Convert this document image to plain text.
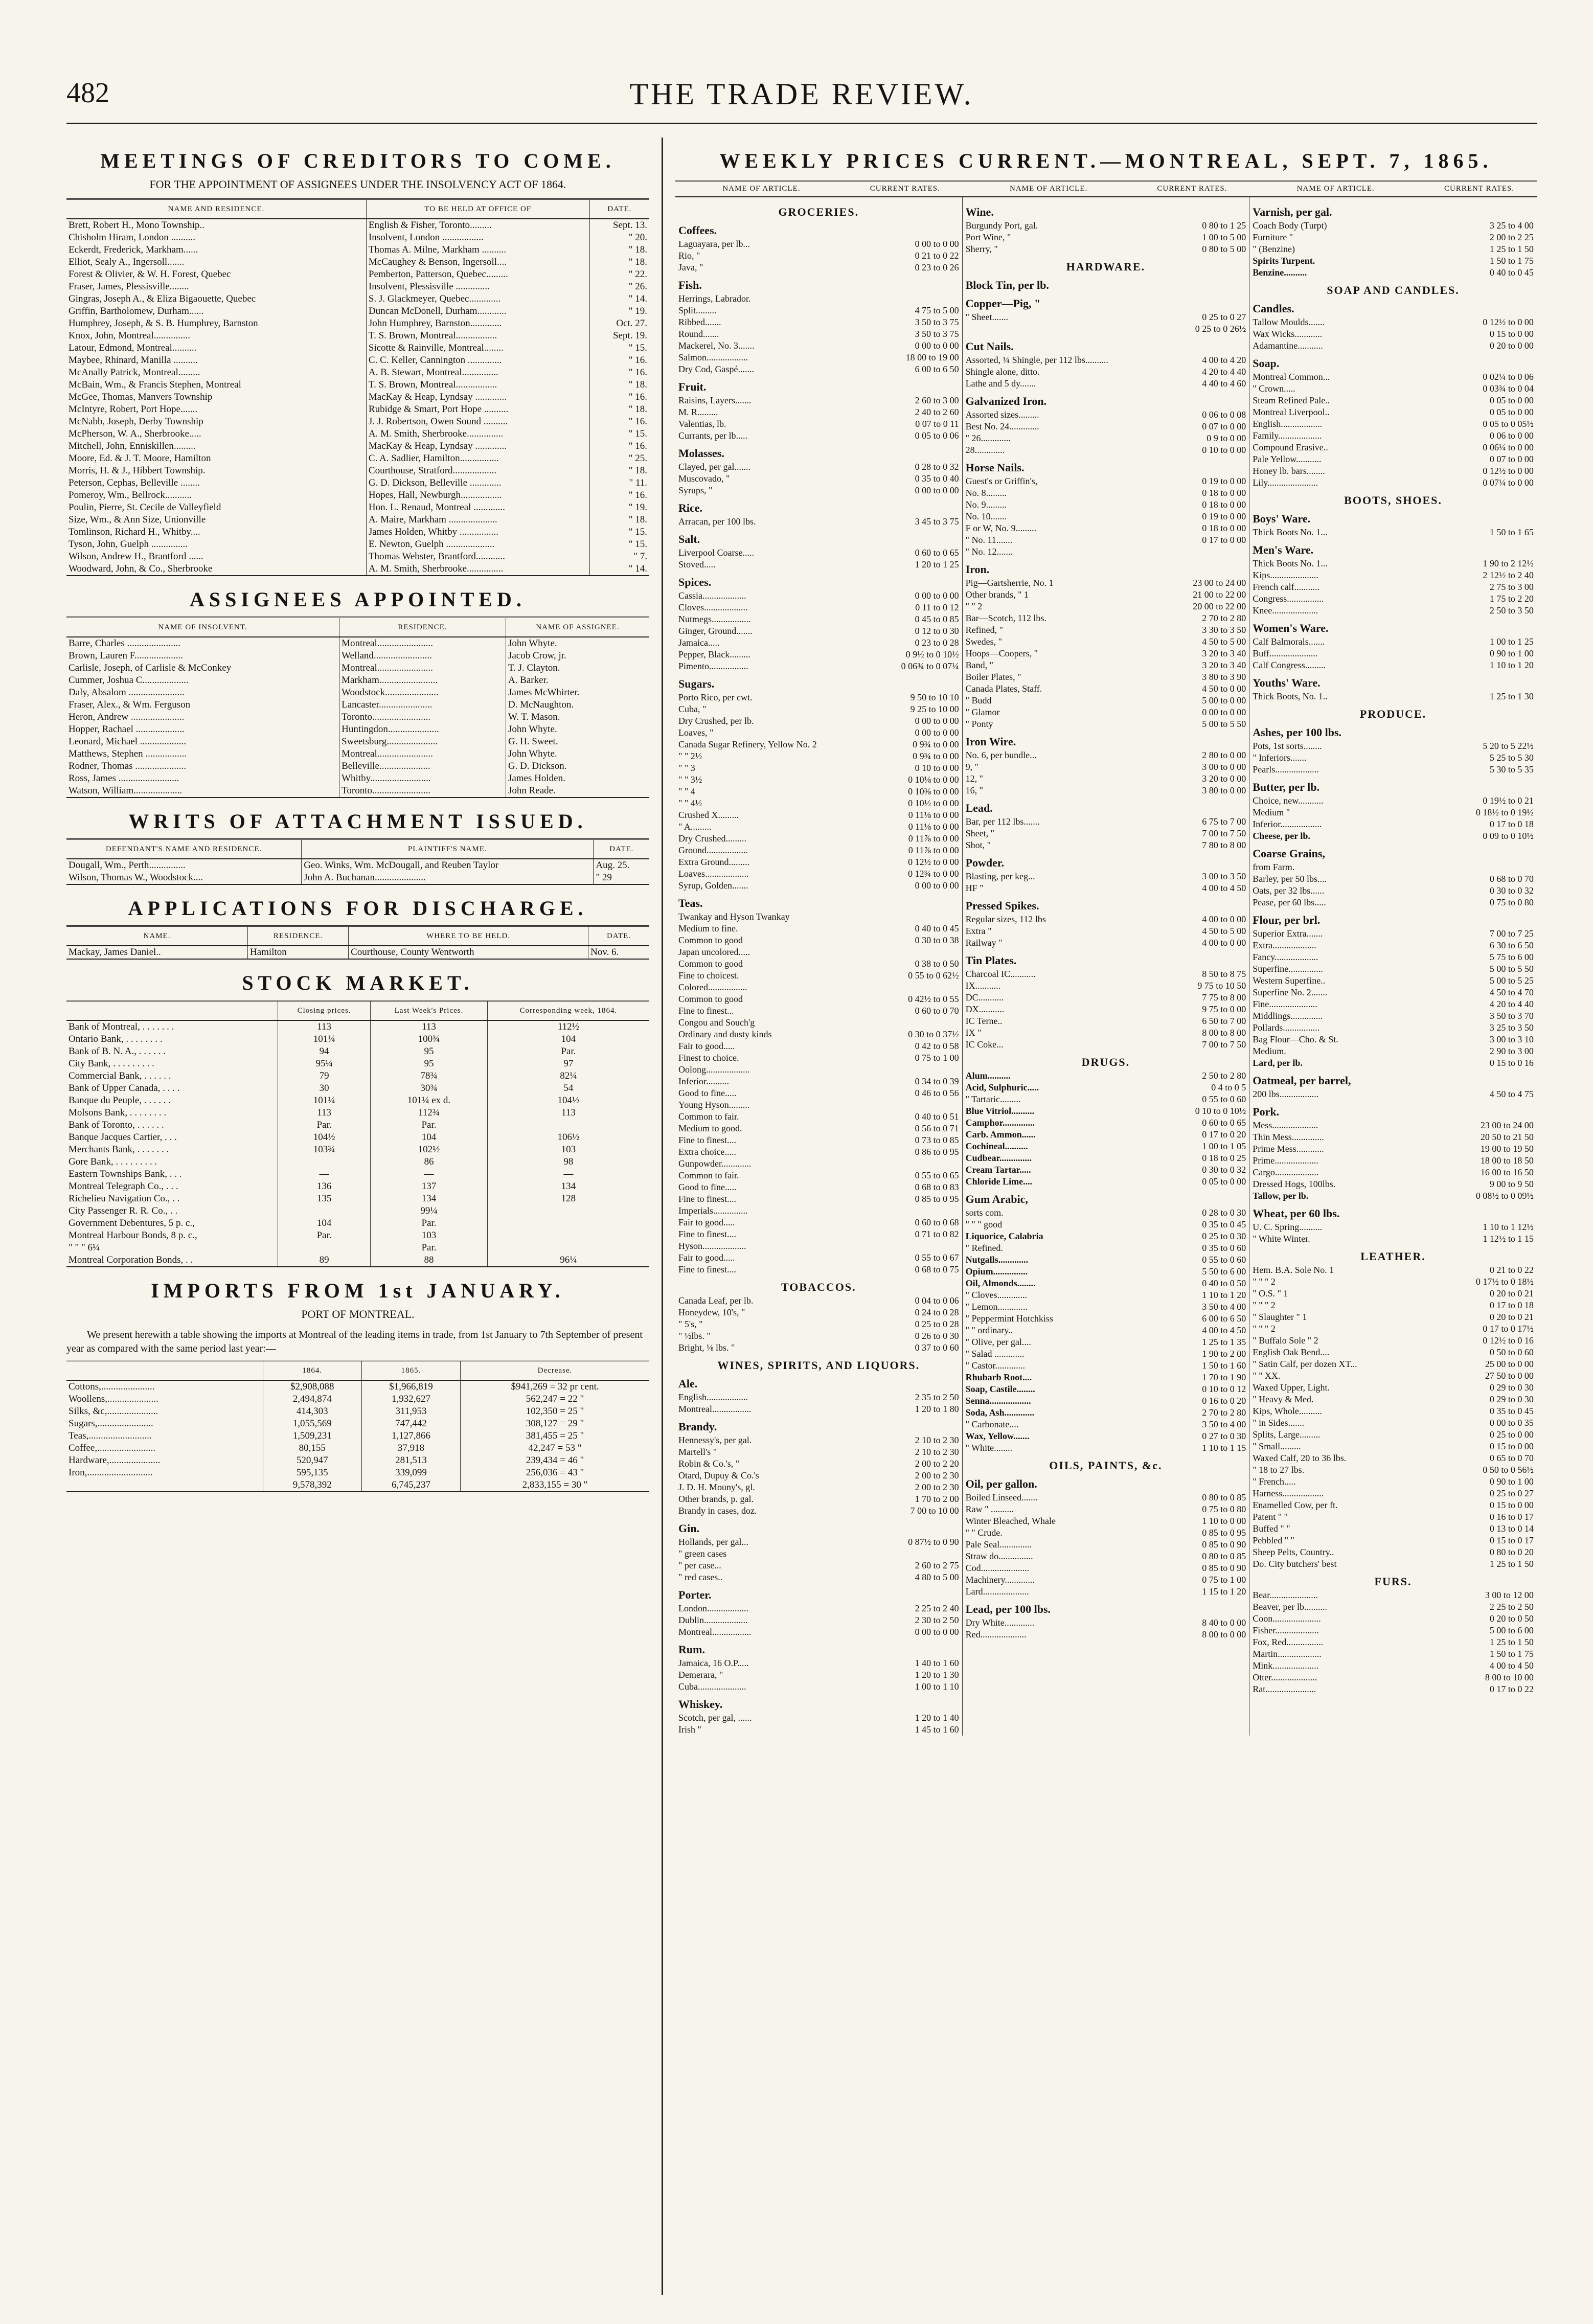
482	THE TRADE REVIEW.
MEETINGS OF CREDITORS TO COME.
FOR THE APPOINTMENT OF ASSIGNEES UNDER THE INSOLVENCY ACT OF 1864.
NAME AND RESIDENCE.	TO BE HELD AT OFFICE OF	DATE.
Brett, Robert H., Mono Township..	English & Fisher, Toronto.........	Sept. 13.
Chisholm Hiram, London ..........	Insolvent, London .................	" 20.
Eckerdt, Frederick, Markham......	Thomas A. Milne, Markham ..........	" 18.
Elliot, Sealy A., Ingersoll.......	McCaughey & Benson, Ingersoll....	" 18.
Forest & Olivier, & W. H. Forest, Quebec	Pemberton, Patterson, Quebec.........	" 22.
Fraser, James, Plessisville........	Insolvent, Plessisville ..............	" 26.
Gingras, Joseph A., & Eliza Bigaouette, Quebec	S. J. Glackmeyer, Quebec.............	" 14.
Griffin, Bartholomew, Durham......	Duncan McDonell, Durham............	" 19.
Humphrey, Joseph, & S. B. Humphrey, Barnston	John Humphrey, Barnston.............	Oct. 27.
Knox, John, Montreal...............	T. S. Brown, Montreal.................	Sept. 19.
Latour, Edmond, Montreal..........	Sicotte & Rainville, Montreal........	" 15.
Maybee, Rhinard, Manilla ..........	C. C. Keller, Cannington ..............	" 16.
McAnally Patrick, Montreal.........	A. B. Stewart, Montreal...............	" 16.
McBain, Wm., & Francis Stephen, Montreal	T. S. Brown, Montreal.................	" 18.
McGee, Thomas, Manvers Township	MacKay & Heap, Lyndsay .............	" 16.
McIntyre, Robert, Port Hope.......	Rubidge & Smart, Port Hope ..........	" 18.
McNabb, Joseph, Derby Township	J. J. Robertson, Owen Sound ..........	" 16.
McPherson, W. A., Sherbrooke.....	A. M. Smith, Sherbrooke...............	" 15.
Mitchell, John, Enniskillen.........	MacKay & Heap, Lyndsay .............	" 16.
Moore, Ed. & J. T. Moore, Hamilton	C. A. Sadlier, Hamilton................	" 25.
Morris, H. & J., Hibbert Township.	Courthouse, Stratford..................	" 18.
Peterson, Cephas, Belleville ........	G. D. Dickson, Belleville .............	" 11.
Pomeroy, Wm., Bellrock...........	Hopes, Hall, Newburgh.................	" 16.
Poulin, Pierre, St. Cecile de Valleyfield	Hon. L. Renaud, Montreal .............	" 19.
Size, Wm., & Ann Size, Unionville	A. Maire, Markham ....................	" 18.
Tomlinson, Richard H., Whitby....	James Holden, Whitby ................	" 15.
Tyson, John, Guelph ...............	E. Newton, Guelph ....................	" 15.
Wilson, Andrew H., Brantford ......	Thomas Webster, Brantford............	" 7.
Woodward, John, & Co., Sherbrooke	A. M. Smith, Sherbrooke...............	" 14.
ASSIGNEES APPOINTED.
NAME OF INSOLVENT.	RESIDENCE.	NAME OF ASSIGNEE.
Barre, Charles ......................	Montreal.......................	John Whyte.
Brown, Lauren F....................	Welland........................	Jacob Crow, jr.
Carlisle, Joseph, of Carlisle & McConkey	Montreal.......................	T. J. Clayton.
Cummer, Joshua C...................	Markham........................	A. Barker.
Daly, Absalom .......................	Woodstock......................	James McWhirter.
Fraser, Alex., & Wm. Ferguson	Lancaster......................	D. McNaughton.
Heron, Andrew ......................	Toronto........................	W. T. Mason.
Hopper, Rachael ....................	Huntingdon.....................	John Whyte.
Leonard, Michael ...................	Sweetsburg.....................	G. H. Sweet.
Matthews, Stephen .................	Montreal.......................	John Whyte.
Rodner, Thomas .....................	Belleville.....................	G. D. Dickson.
Ross, James .........................	Whitby.........................	James Holden.
Watson, William....................	Toronto........................	John Reade.
WRITS OF ATTACHMENT ISSUED.
DEFENDANT'S NAME AND RESIDENCE.	PLAINTIFF'S NAME.	DATE.
Dougall, Wm., Perth...............	Geo. Winks, Wm. McDougall, and Reuben Taylor	Aug. 25.
Wilson, Thomas W., Woodstock....	John A. Buchanan.....................	" 29
APPLICATIONS FOR DISCHARGE.
NAME.	RESIDENCE.	WHERE TO BE HELD.	DATE.
Mackay, James Daniel..	Hamilton	Courthouse, County Wentworth	Nov. 6.
STOCK MARKET.
	Closing prices.	Last Week's Prices.	Corresponding week, 1864.
Bank of Montreal, . . . . . . .	113	113	112½
Ontario Bank, . . . . . . . .	101¼	100¾	104
Bank of B. N. A., . . . . . .	94	95	Par.
City Bank, . . . . . . . . .	95¼	95	97
Commercial Bank, . . . . . .	79	78¾	82¼
Bank of Upper Canada, . . . .	30	30¾	54
Banque du Peuple, . . . . . .	101¼	101¼ ex d.	104½
Molsons Bank, . . . . . . . .	113	112¾	113
Bank of Toronto, . . . . . .	Par.	Par.	
Banque Jacques Cartier, . . .	104½	104	106½
Merchants Bank, . . . . . . .	103¾	102½	103
Gore Bank, . . . . . . . . .		86	98
Eastern Townships Bank, . . .	—	—	—
Montreal Telegraph Co., . . .	136	137	134
Richelieu Navigation Co., . .	135	134	128
City Passenger R. R. Co., . .		99¼	
Government Debentures, 5 p. c.,	104	Par.	
Montreal Harbour Bonds, 8 p. c.,	Par.	103	
" " " 6¼		Par.	
Montreal Corporation Bonds, . .	89	88	96¼
IMPORTS FROM 1st JANUARY.
PORT OF MONTREAL.

We present herewith a table showing the imports at Montreal of the leading items in trade, from 1st January to 7th September of present year as compared with the same period last year:—

	1864.	1865.	Decrease.
Cottons,......................	$2,908,088	$1,966,819	$941,269 = 32 pr cent.
Woollens,.....................	2,494,874	1,932,627	562,247 = 22 "
Silks, &c,.....................	414,303	311,953	102,350 = 25 "
Sugars,.......................	1,055,569	747,442	308,127 = 29 "
Teas,..........................	1,509,231	1,127,866	381,455 = 25 "
Coffee,........................	80,155	37,918	42,247 = 53 "
Hardware,.....................	520,947	281,513	239,434 = 46 "
Iron,...........................	595,135	339,099	256,036 = 43 "
	9,578,392	6,745,237	2,833,155 = 30 "
WEEKLY PRICES CURRENT.—MONTREAL, SEPT. 7, 1865.
NAME OF ARTICLE.	CURRENT RATES.	NAME OF ARTICLE.	CURRENT RATES.	NAME OF ARTICLE.	CURRENT RATES.
GROCERIES.
Coffees.
Laguayara, per lb...	0 00 to 0 00
Rio, "	0 21 to 0 22
Java, "	0 23 to 0 26
Fish.
Herrings, Labrador.
Split.........	4 75 to 5 00
Ribbed.......	3 50 to 3 75
Round.......	3 50 to 3 75
Mackerel, No. 3.......	0 00 to 0 00
Salmon..................	18 00 to 19 00
Dry Cod, Gaspé.......	6 00 to 6 50
Fruit.
Raisins, Layers.......	2 60 to 3 00
M. R.........	2 40 to 2 60
Valentias, lb.	0 07 to 0 11
Currants, per lb.....	0 05 to 0 06
Molasses.
Clayed, per gal.......	0 28 to 0 32
Muscovado, "	0 35 to 0 40
Syrups, "	0 00 to 0 00
Rice.
Arracan, per 100 lbs.	3 45 to 3 75
Salt.
Liverpool Coarse.....	0 60 to 0 65
Stoved.....	1 20 to 1 25
Spices.
Cassia...................	0 00 to 0 00
Cloves...................	0 11 to 0 12
Nutmegs.................	0 45 to 0 85
Ginger, Ground.......	0 12 to 0 30
Jamaica.....	0 23 to 0 28
Pepper, Black.........	0 9½ to 0 10½
Pimento.................	0 06¾ to 0 07¼
Sugars.
Porto Rico, per cwt.	9 50 to 10 10
Cuba, "	9 25 to 10 00
Dry Crushed, per lb.	0 00 to 0 00
Loaves, "	0 00 to 0 00
Canada Sugar Refinery, Yellow No. 2	0 9¾ to 0 00
" " 2½	0 9¾ to 0 00
" " 3	0 10 to 0 00
" " 3½	0 10⅛ to 0 00
" " 4	0 10⅜ to 0 00
" " 4½	0 10½ to 0 00
Crushed X.........	0 11⅛ to 0 00
" A.........	0 11⅛ to 0 00
Dry Crushed.........	0 11⅞ to 0 00
Ground..................	0 11⅞ to 0 00
Extra Ground.........	0 12½ to 0 00
Loaves...................	0 12¾ to 0 00
Syrup, Golden.......	0 00 to 0 00
Teas.
Twankay and Hyson Twankay
Medium to fine.	0 40 to 0 45
Common to good	0 30 to 0 38
Japan uncolored.....
Common to good	0 38 to 0 50
Fine to choicest.	0 55 to 0 62½
Colored.................
Common to good	0 42½ to 0 55
Fine to finest...	0 60 to 0 70
Congou and Souch'g
Ordinary and dusty kinds	0 30 to 0 37½
Fair to good.....	0 42 to 0 58
Finest to choice.	0 75 to 1 00
Oolong...................
Inferior..........	0 34 to 0 39
Good to fine.....	0 46 to 0 56
Young Hyson.........
Common to fair.	0 40 to 0 51
Medium to good.	0 56 to 0 71
Fine to finest....	0 73 to 0 85
Extra choice.....	0 86 to 0 95
Gunpowder.............
Common to fair.	0 55 to 0 65
Good to fine.....	0 68 to 0 83
Fine to finest....	0 85 to 0 95
Imperials...............
Fair to good.....	0 60 to 0 68
Fine to finest....	0 71 to 0 82
Hyson...................
Fair to good.....	0 55 to 0 67
Fine to finest....	0 68 to 0 75
TOBACCOS.
Canada Leaf, per lb.	0 04 to 0 06
Honeydew, 10's, "	0 24 to 0 28
" 5's, "	0 25 to 0 28
" ½lbs. "	0 26 to 0 30
Bright, ⅛ lbs. "	0 37 to 0 60
WINES, SPIRITS, AND LIQUORS.
Ale.
English..................	2 35 to 2 50
Montreal.................	1 20 to 1 80
Brandy.
Hennessy's, per gal.	2 10 to 2 30
Martell's "	2 10 to 2 30
Robin & Co.'s, "	2 00 to 2 20
Otard, Dupuy & Co.'s	2 00 to 2 30
J. D. H. Mouny's, gl.	2 00 to 2 30
Other brands, p. gal.	1 70 to 2 00
Brandy in cases, doz.	7 00 to 10 00
Gin.
Hollands, per gal...	0 87½ to 0 90
" green cases
" per case...	2 60 to 2 75
" red cases..	4 80 to 5 00
Porter.
London..................	2 25 to 2 40
Dublin...................	2 30 to 2 50
Montreal.................	0 00 to 0 00
Rum.
Jamaica, 16 O.P.....	1 40 to 1 60
Demerara, "	1 20 to 1 30
Cuba.....................	1 00 to 1 10
Whiskey.
Scotch, per gal, ......	1 20 to 1 40
Irish "	1 45 to 1 60
Wine.
Burgundy Port, gal.	0 80 to 1 25
Port Wine, "	1 00 to 5 00
Sherry, "	0 80 to 5 00
HARDWARE.
Block Tin, per lb.
Copper—Pig, "
" Sheet.......	0 25 to 0 27
0 25 to 0 26½
Cut Nails.
Assorted, ¼ Shingle, per 112 lbs..........	4 00 to 4 20
Shingle alone, ditto.	4 20 to 4 40
Lathe and 5 dy.......	4 40 to 4 60
Galvanized Iron.
Assorted sizes.........	0 06 to 0 08
Best No. 24.............	0 07 to 0 00
" 26.............	0 9 to 0 00
28.............	0 10 to 0 00
Horse Nails.
Guest's or Griffin's,	0 19 to 0 00
No. 8.........	0 18 to 0 00
No. 9.........	0 18 to 0 00
No. 10.......	0 19 to 0 00
F or W, No. 9.........	0 18 to 0 00
" No. 11.......	0 17 to 0 00
" No. 12.......
Iron.
Pig—Gartsherrie, No. 1	23 00 to 24 00
Other brands, " 1	21 00 to 22 00
" " 2	20 00 to 22 00
Bar—Scotch, 112 lbs.	2 70 to 2 80
Refined, "	3 30 to 3 50
Swedes, "	4 50 to 5 00
Hoops—Coopers, "	3 20 to 3 40
Band, "	3 20 to 3 40
Boiler Plates, "	3 80 to 3 90
Canada Plates, Staff.	4 50 to 0 00
" Budd	5 00 to 0 00
" Glamor	0 00 to 0 00
" Ponty	5 00 to 5 50
Iron Wire.
No. 6, per bundle...	2 80 to 0 00
9, "	3 00 to 0 00
12, "	3 20 to 0 00
16, "	3 80 to 0 00
Lead.
Bar, per 112 lbs.......	6 75 to 7 00
Sheet, "	7 00 to 7 50
Shot, "	7 80 to 8 00
Powder.
Blasting, per keg...	3 00 to 3 50
HF "	4 00 to 4 50
Pressed Spikes.
Regular sizes, 112 lbs	4 00 to 0 00
Extra "	4 50 to 5 00
Railway "	4 00 to 0 00
Tin Plates.
Charcoal IC...........	8 50 to 8 75
IX...........	9 75 to 10 50
DC...........	7 75 to 8 00
DX...........	9 75 to 0 00
IC Terne..	6 50 to 7 00
IX "	8 00 to 8 00
IC Coke...	7 00 to 7 50
DRUGS.
Alum..........	2 50 to 2 80
Acid, Sulphuric.....	0 4 to 0 5
" Tartaric.........	0 55 to 0 60
Blue Vitriol..........	0 10 to 0 10½
Camphor..............	0 60 to 0 65
Carb. Ammon......	0 17 to 0 20
Cochineal..........	1 00 to 1 05
Cudbear..............	0 18 to 0 25
Cream Tartar.....	0 30 to 0 32
Chloride Lime....	0 05 to 0 00
Gum Arabic,
sorts com.	0 28 to 0 30
" " " good	0 35 to 0 45
Liquorice, Calabria	0 25 to 0 30
" Refined.	0 35 to 0 60
Nutgalls.............	0 55 to 0 60
Opium...............	5 50 to 6 00
Oil, Almonds........	0 40 to 0 50
" Cloves.............	1 10 to 1 20
" Lemon.............	3 50 to 4 00
" Peppermint Hotchkiss	6 00 to 6 50
" " ordinary..	4 00 to 4 50
" Olive, per gal....	1 25 to 1 35
" Salad .............	1 90 to 2 00
" Castor.............	1 50 to 1 60
Rhubarb Root....	1 70 to 1 90
Soap, Castile........	0 10 to 0 12
Senna..................	0 16 to 0 20
Soda, Ash.............	2 70 to 2 80
" Carbonate....	3 50 to 4 00
Wax, Yellow.......	0 27 to 0 30
" White........	1 10 to 1 15
OILS, PAINTS, &c.
Oil, per gallon.
Boiled Linseed.......	0 80 to 0 85
Raw " ..........	0 75 to 0 80
Winter Bleached, Whale	1 10 to 0 00
" " Crude.	0 85 to 0 95
Pale Seal..............	0 85 to 0 90
Straw do...............	0 80 to 0 85
Cod.....................	0 85 to 0 90
Machinery.............	0 75 to 1 00
Lard....................	1 15 to 1 20
Lead, per 100 lbs.
Dry White.............	8 40 to 0 00
Red....................	8 00 to 0 00
Varnish, per gal.
Coach Body (Turpt)	3 25 to 4 00
Furniture "	2 00 to 2 25
" (Benzine)	1 25 to 1 50
Spirits Turpent.	1 50 to 1 75
Benzine..........	0 40 to 0 45
SOAP AND CANDLES.
Candles.
Tallow Moulds.......	0 12½ to 0 00
Wax Wicks............	0 15 to 0 00
Adamantine...........	0 20 to 0 00
Soap.
Montreal Common...	0 02¼ to 0 06
" Crown.....	0 03¾ to 0 04
Steam Refined Pale..	0 05 to 0 00
Montreal Liverpool..	0 05 to 0 00
English..................	0 05 to 0 05½
Family...................	0 06 to 0 00
Compound Erasive..	0 06¼ to 0 00
Pale Yellow...........	0 07 to 0 00
Honey lb. bars........	0 12½ to 0 00
Lily......................	0 07¼ to 0 00
BOOTS, SHOES.
Boys' Ware.
Thick Boots No. 1...	1 50 to 1 65
Men's Ware.
Thick Boots No. 1...	1 90 to 2 12½
Kips.....................	2 12½ to 2 40
French calf...........	2 75 to 3 00
Congress................	1 75 to 2 20
Knee....................	2 50 to 3 50
Women's Ware.
Calf Balmorals.......	1 00 to 1 25
Buff.....................	0 90 to 1 00
Calf Congress.........	1 10 to 1 20
Youths' Ware.
Thick Boots, No. 1..	1 25 to 1 30
PRODUCE.
Ashes, per 100 lbs.
Pots, 1st sorts........	5 20 to 5 22½
" Inferiors.......	5 25 to 5 30
Pearls...................	5 30 to 5 35
Butter, per lb.
Choice, new...........	0 19½ to 0 21
Medium "	0 18½ to 0 19½
Inferior..................	0 17 to 0 18
Cheese, per lb.	0 09 to 0 10½
Coarse Grains,
from Farm.
Barley, per 50 lbs....	0 68 to 0 70
Oats, per 32 lbs......	0 30 to 0 32
Pease, per 60 lbs.....	0 75 to 0 80
Flour, per brl.
Superior Extra.......	7 00 to 7 25
Extra...................	6 30 to 6 50
Fancy...................	5 75 to 6 00
Superfine...............	5 00 to 5 50
Western Superfine..	5 00 to 5 25
Superfine No. 2.......	4 50 to 4 70
Fine.....................	4 20 to 4 40
Middlings..............	3 50 to 3 70
Pollards................	3 25 to 3 50
Bag Flour—Cho. & St.	3 00 to 3 10
Medium.	2 90 to 3 00
Lard, per lb.	0 15 to 0 16
Oatmeal, per barrel,
200 lbs.................	4 50 to 4 75
Pork.
Mess....................	23 00 to 24 00
Thin Mess..............	20 50 to 21 50
Prime Mess............	19 00 to 19 50
Prime...................	18 00 to 18 50
Cargo...................	16 00 to 16 50
Dressed Hogs, 100lbs.	9 00 to 9 50
Tallow, per lb.	0 08½ to 0 09½
Wheat, per 60 lbs.
U. C. Spring..........	1 10 to 1 12½
" White Winter.	1 12½ to 1 15
LEATHER.
Hem. B.A. Sole No. 1	0 21 to 0 22
" " " 2	0 17½ to 0 18½
" O.S. " 1	0 20 to 0 21
" " " 2	0 17 to 0 18
" Slaughter " 1	0 20 to 0 21
" " " 2	0 17 to 0 17½
" Buffalo Sole " 2	0 12½ to 0 16
English Oak Bend....	0 50 to 0 60
" Satin Calf, per dozen XT...	25 00 to 0 00
" " XX.	27 50 to 0 00
Waxed Upper, Light.	0 29 to 0 30
" Heavy & Med.	0 29 to 0 30
Kips, Whole..........	0 35 to 0 45
" in Sides.......	0 00 to 0 35
Splits, Large.........	0 25 to 0 00
" Small.........	0 15 to 0 00
Waxed Calf, 20 to 36 lbs.	0 65 to 0 70
" 18 to 27 lbs.	0 50 to 0 56½
" French.....	0 90 to 1 00
Harness..................	0 25 to 0 27
Enamelled Cow, per ft.	0 15 to 0 00
Patent " "	0 16 to 0 17
Buffed " "	0 13 to 0 14
Pebbled " "	0 15 to 0 17
Sheep Pelts, Country..	0 80 to 0 20
Do. City butchers' best	1 25 to 1 50
FURS.
Bear.....................	3 00 to 12 00
Beaver, per lb..........	2 25 to 2 50
Coon.....................	0 20 to 0 50
Fisher...................	5 00 to 6 00
Fox, Red................	1 25 to 1 50
Martin...................	1 50 to 1 75
Mink....................	4 00 to 4 50
Otter....................	8 00 to 10 00
Rat......................	0 17 to 0 22
